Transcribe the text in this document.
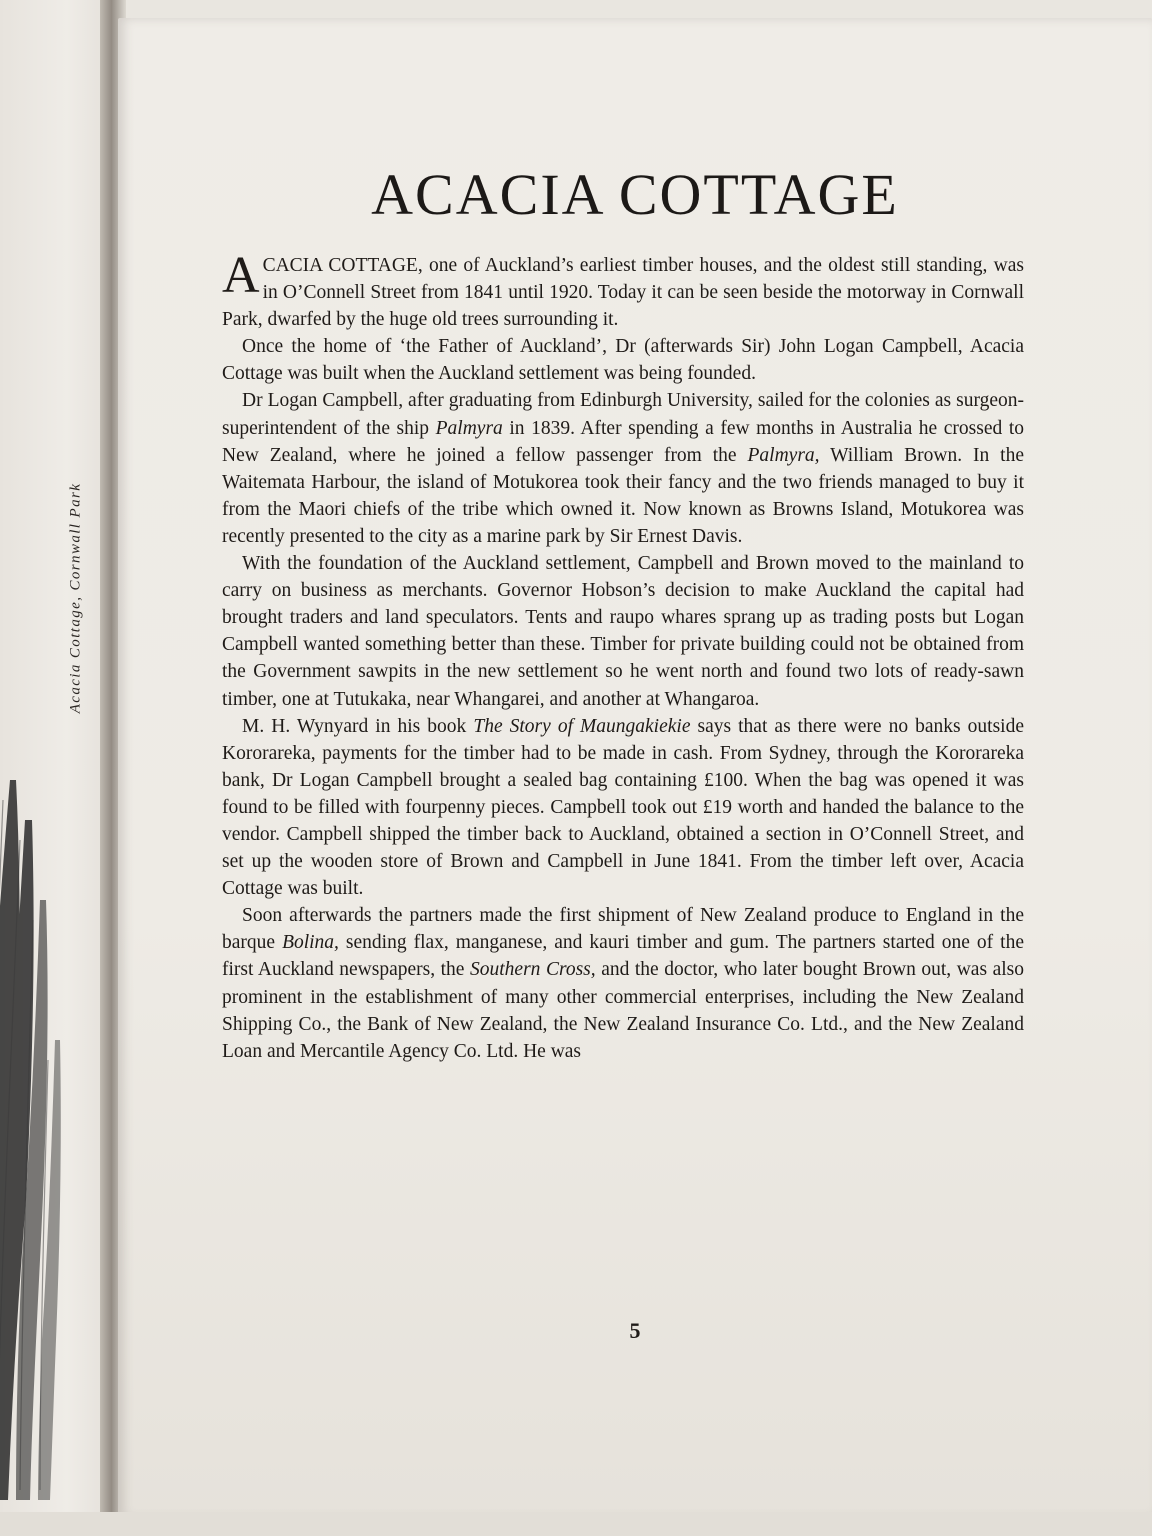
Acacia Cottage, Cornwall Park
ACACIA COTTAGE

ACACIA COTTAGE, one of Auckland’s earliest timber houses, and the oldest still standing, was in O’Connell Street from 1841 until 1920. Today it can be seen beside the motorway in Cornwall Park, dwarfed by the huge old trees surrounding it.

Once the home of ‘the Father of Auckland’, Dr (afterwards Sir) John Logan Campbell, Acacia Cottage was built when the Auckland settlement was being founded.

Dr Logan Campbell, after graduating from Edinburgh University, sailed for the colonies as surgeon-superintendent of the ship Palmyra in 1839. After spending a few months in Australia he crossed to New Zealand, where he joined a fellow passenger from the Palmyra, William Brown. In the Waitemata Harbour, the island of Motukorea took their fancy and the two friends managed to buy it from the Maori chiefs of the tribe which owned it. Now known as Browns Island, Motukorea was recently presented to the city as a marine park by Sir Ernest Davis.

With the foundation of the Auckland settlement, Campbell and Brown moved to the mainland to carry on business as merchants. Governor Hobson’s decision to make Auckland the capital had brought traders and land speculators. Tents and raupo whares sprang up as trading posts but Logan Campbell wanted something better than these. Timber for private building could not be obtained from the Government sawpits in the new settlement so he went north and found two lots of ready-sawn timber, one at Tutukaka, near Whangarei, and another at Whangaroa.

M. H. Wynyard in his book The Story of Maungakiekie says that as there were no banks outside Kororareka, payments for the timber had to be made in cash. From Sydney, through the Kororareka bank, Dr Logan Campbell brought a sealed bag containing £100. When the bag was opened it was found to be filled with fourpenny pieces. Campbell took out £19 worth and handed the balance to the vendor. Campbell shipped the timber back to Auckland, obtained a section in O’Connell Street, and set up the wooden store of Brown and Campbell in June 1841. From the timber left over, Acacia Cottage was built.

Soon afterwards the partners made the first shipment of New Zealand produce to England in the barque Bolina, sending flax, manganese, and kauri timber and gum. The partners started one of the first Auckland newspapers, the Southern Cross, and the doctor, who later bought Brown out, was also prominent in the establishment of many other commercial enterprises, including the New Zealand Shipping Co., the Bank of New Zealand, the New Zealand Insurance Co. Ltd., and the New Zealand Loan and Mercantile Agency Co. Ltd. He was

5
